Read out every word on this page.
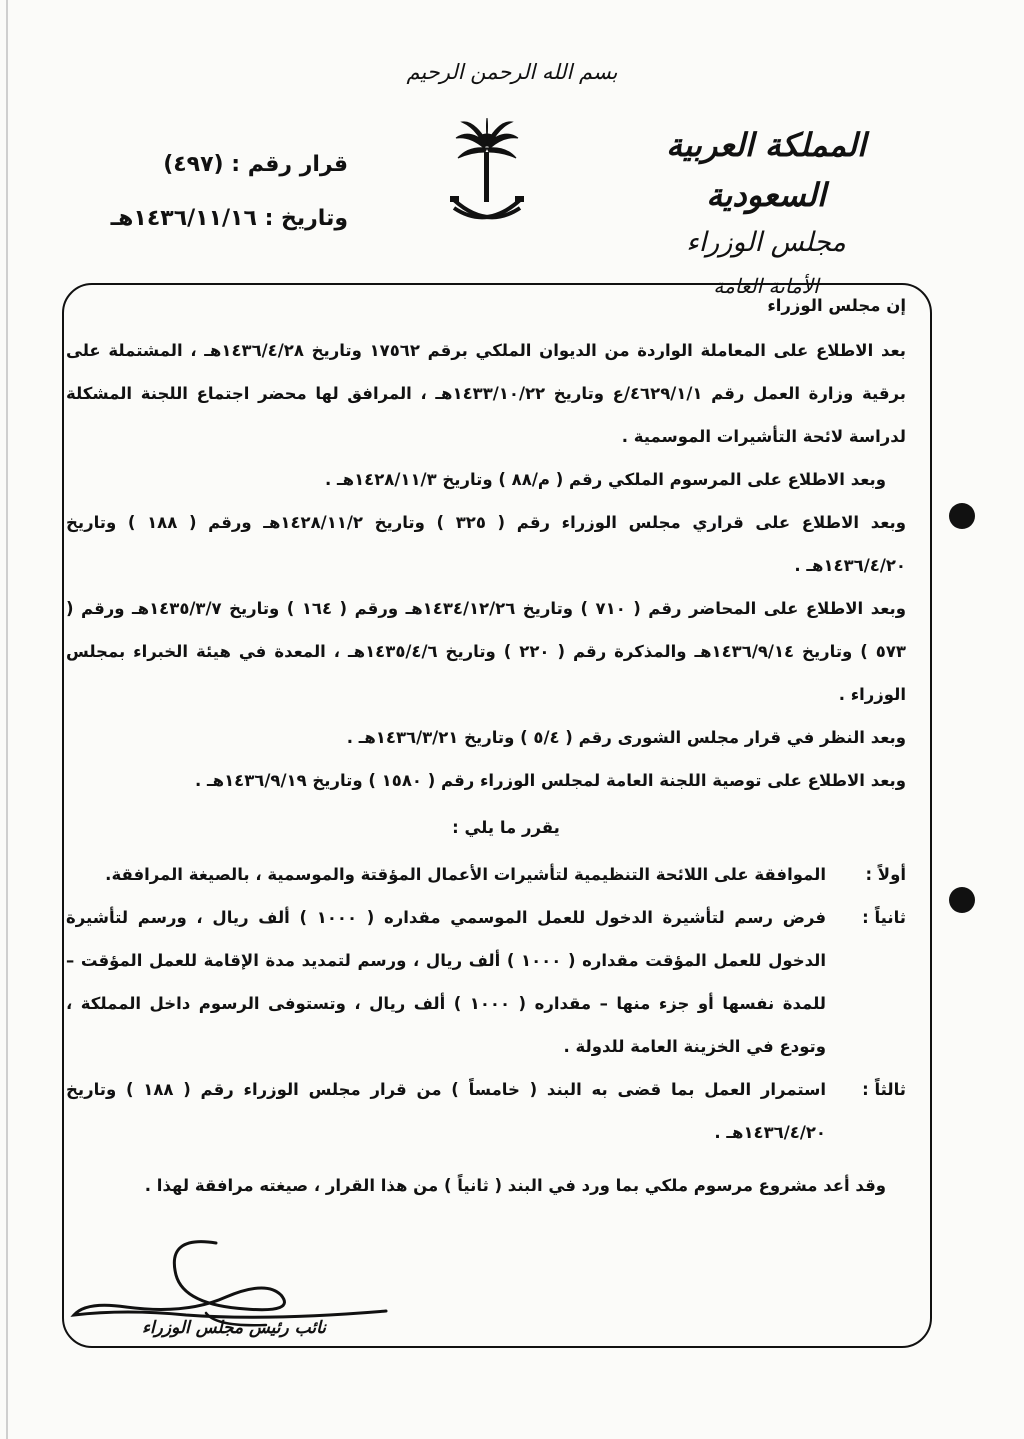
بسم الله الرحمن الرحيم
المملكة العربية السعودية
مجلس الوزراء
الأمانة العامة
قرار رقم : (٤٩٧)
وتاريخ : ١٤٣٦/١١/١٦هـ

إن مجلس الوزراء

بعد الاطلاع على المعاملة الواردة من الديوان الملكي برقم ١٧٥٦٢ وتاريخ ١٤٣٦/٤/٢٨هـ ، المشتملة على برقية وزارة العمل رقم ٤٦٢٩/١/١/ع وتاريخ ١٤٣٣/١٠/٢٢هـ ، المرافق لها محضر اجتماع اللجنة المشكلة لدراسة لائحة التأشيرات الموسمية .

وبعد الاطلاع على المرسوم الملكي رقم ( م/٨٨ ) وتاريخ ١٤٢٨/١١/٣هـ .

وبعد الاطلاع على قراري مجلس الوزراء رقم ( ٣٢٥ ) وتاريخ ١٤٢٨/١١/٢هـ ورقم ( ١٨٨ ) وتاريخ ١٤٣٦/٤/٢٠هـ .

وبعد الاطلاع على المحاضر رقم ( ٧١٠ ) وتاريخ ١٤٣٤/١٢/٢٦هـ ورقم ( ١٦٤ ) وتاريخ ١٤٣٥/٣/٧هـ ورقم ( ٥٧٣ ) وتاريخ ١٤٣٦/٩/١٤هـ والمذكرة رقم ( ٢٢٠ ) وتاريخ ١٤٣٥/٤/٦هـ ، المعدة في هيئة الخبراء بمجلس الوزراء .

وبعد النظر في قرار مجلس الشورى رقم ( ٥/٤ ) وتاريخ ١٤٣٦/٣/٢١هـ .

وبعد الاطلاع على توصية اللجنة العامة لمجلس الوزراء رقم ( ١٥٨٠ ) وتاريخ ١٤٣٦/٩/١٩هـ .

يقرر ما يلي :

أولاً :الموافقة على اللائحة التنظيمية لتأشيرات الأعمال المؤقتة والموسمية ، بالصيغة المرافقة.

ثانياً :فرض رسم لتأشيرة الدخول للعمل الموسمي مقداره ( ١٠٠٠ ) ألف ريال ، ورسم لتأشيرة الدخول للعمل المؤقت مقداره ( ١٠٠٠ ) ألف ريال ، ورسم لتمديد مدة الإقامة للعمل المؤقت – للمدة نفسها أو جزء منها – مقداره ( ١٠٠٠ ) ألف ريال ، وتستوفى الرسوم داخل المملكة ، وتودع في الخزينة العامة للدولة .

ثالثاً :استمرار العمل بما قضى به البند ( خامساً ) من قرار مجلس الوزراء رقم ( ١٨٨ ) وتاريخ ١٤٣٦/٤/٢٠هـ .

وقد أعد مشروع مرسوم ملكي بما ورد في البند ( ثانياً ) من هذا القرار ، صيغته مرافقة لهذا .

نائب رئيس مجلس الوزراء
